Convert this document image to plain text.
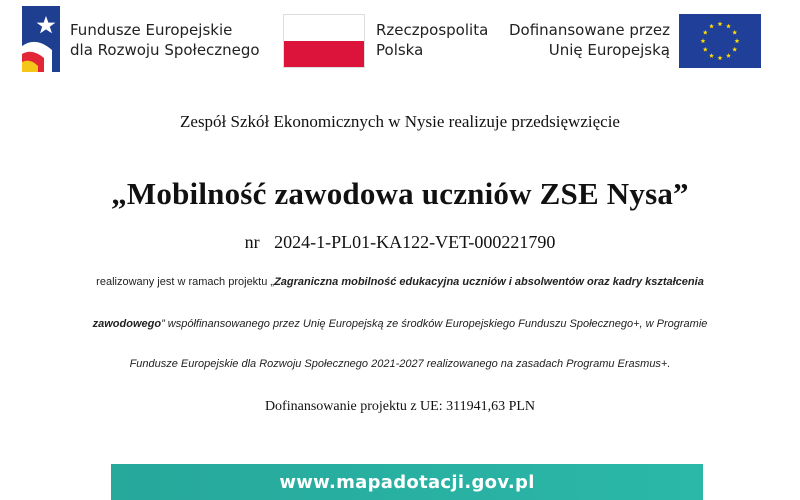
Fundusze Europejskie
dla Rozwoju Społecznego
Rzeczpospolita
Polska
Dofinansowane przez
Unię Europejską
Zespół Szkół Ekonomicznych w Nysie realizuje przedsięwzięcie
„Mobilność zawodowa uczniów ZSE Nysa”
nr 2024-1-PL01-KA122-VET-000221790
realizowany jest w ramach projektu „Zagraniczna mobilność edukacyjna uczniów i absolwentów oraz kadry kształcenia
zawodowego” współfinansowanego przez Unię Europejską ze środków Europejskiego Funduszu Społecznego+, w Programie
Fundusze Europejskie dla Rozwoju Społecznego 2021-2027 realizowanego na zasadach Programu Erasmus+.
Dofinansowanie projektu z UE: 311941,63 PLN
www.mapadotacji.gov.pl
